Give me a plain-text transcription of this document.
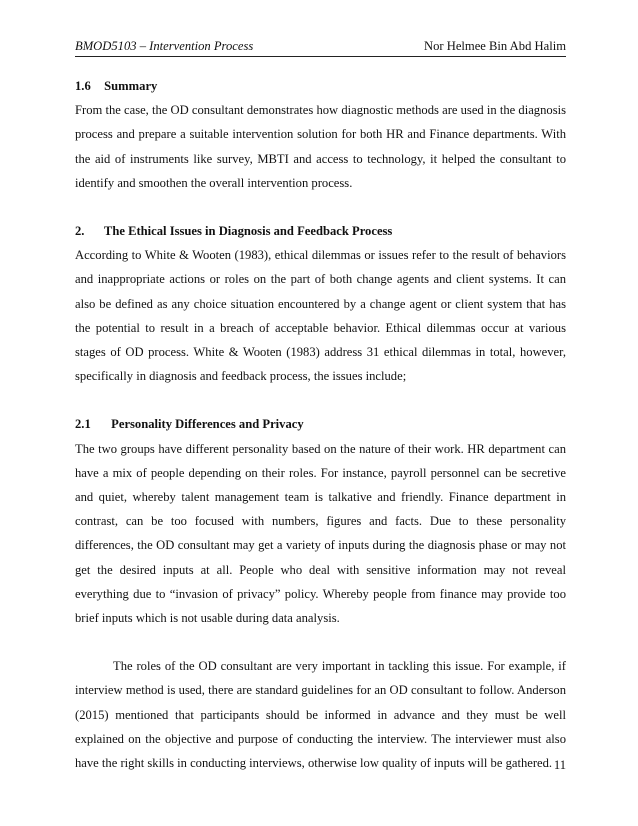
BMOD5103 – Intervention Process	Nor Helmee Bin Abd Halim

1.6 Summary

From the case, the OD consultant demonstrates how diagnostic methods are used in the diagnosis process and prepare a suitable intervention solution for both HR and Finance departments. With the aid of instruments like survey, MBTI and access to technology, it helped the consultant to identify and smoothen the overall intervention process.

2. The Ethical Issues in Diagnosis and Feedback Process

According to White & Wooten (1983), ethical dilemmas or issues refer to the result of behaviors and inappropriate actions or roles on the part of both change agents and client systems. It can also be defined as any choice situation encountered by a change agent or client system that has the potential to result in a breach of acceptable behavior. Ethical dilemmas occur at various stages of OD process. White & Wooten (1983) address 31 ethical dilemmas in total, however, specifically in diagnosis and feedback process, the issues include;

2.1 Personality Differences and Privacy

The two groups have different personality based on the nature of their work. HR department can have a mix of people depending on their roles. For instance, payroll personnel can be secretive and quiet, whereby talent management team is talkative and friendly. Finance department in contrast, can be too focused with numbers, figures and facts. Due to these personality differences, the OD consultant may get a variety of inputs during the diagnosis phase or may not get the desired inputs at all. People who deal with sensitive information may not reveal everything due to “invasion of privacy” policy. Whereby people from finance may provide too brief inputs which is not usable during data analysis.

The roles of the OD consultant are very important in tackling this issue. For example, if interview method is used, there are standard guidelines for an OD consultant to follow. Anderson (2015) mentioned that participants should be informed in advance and they must be well explained on the objective and purpose of conducting the interview. The interviewer must also have the right skills in conducting interviews, otherwise low quality of inputs will be gathered. 11
